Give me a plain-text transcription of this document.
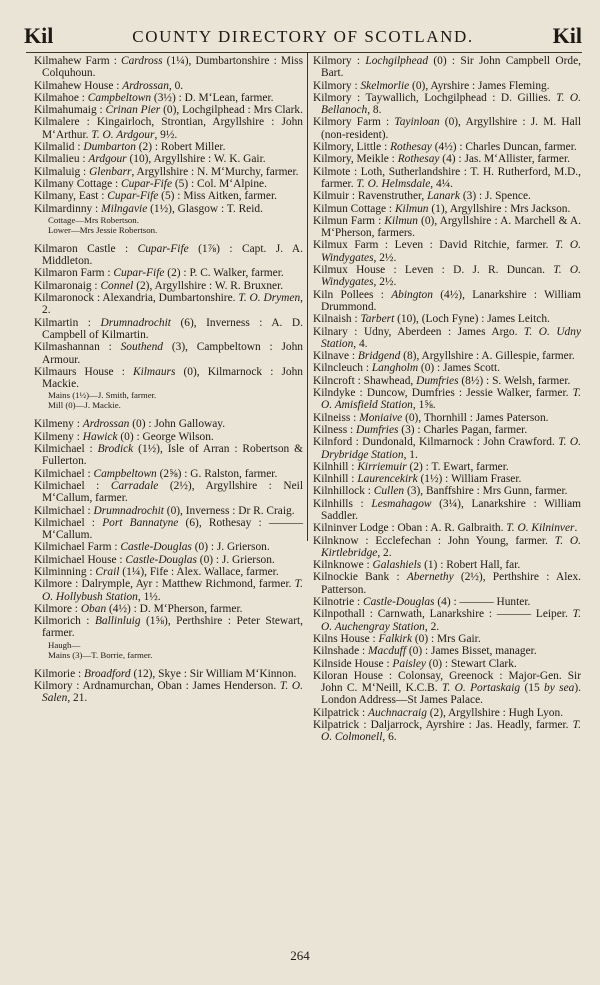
Kil	COUNTY DIRECTORY OF SCOTLAND.	Kil

Kilmahew Farm : Cardross (1¼), Dumbartonshire : Miss Colquhoun.

Kilmahew House : Ardrossan, 0.

Kilmahoe : Campbeltown (3½) : D. M‘Lean, farmer.

Kilmahumaig : Crinan Pier (0), Lochgilphead : Mrs Clark.

Kilmalere : Kingairloch, Strontian, Argyllshire : John M‘Arthur. T. O. Ardgour, 9½.

Kilmalid : Dumbarton (2) : Robert Miller.

Kilmalieu : Ardgour (10), Argyllshire : W. K. Gair.

Kilmaluig : Glenbarr, Argyllshire : N. M‘Murchy, farmer.

Kilmany Cottage : Cupar-Fife (5) : Col. M‘Alpine.

Kilmany, East : Cupar-Fife (5) : Miss Aitken, farmer.

Kilmardinny : Milngavie (1½), Glasgow : T. Reid.

Cottage—Mrs Robertson.

Lower—Mrs Jessie Robertson.

Kilmaron Castle : Cupar-Fife (1⅞) : Capt. J. A. Middleton.

Kilmaron Farm : Cupar-Fife (2) : P. C. Walker, farmer.

Kilmaronaig : Connel (2), Argyllshire : W. R. Bruxner.

Kilmaronock : Alexandria, Dumbartonshire. T. O. Drymen, 2.

Kilmartin : Drumnadrochit (6), Inverness : A. D. Campbell of Kilmartin.

Kilmashannan : Southend (3), Campbeltown : John Armour.

Kilmaurs House : Kilmaurs (0), Kilmarnock : John Mackie.

Mains (1½)—J. Smith, farmer.

Mill (0)—J. Mackie.

Kilmeny : Ardrossan (0) : John Galloway.

Kilmeny : Hawick (0) : George Wilson.

Kilmichael : Brodick (1½), Isle of Arran : Robertson & Fullerton.

Kilmichael : Campbeltown (2⅝) : G. Ralston, farmer.

Kilmichael : Carradale (2½), Argyllshire : Neil M‘Callum, farmer.

Kilmichael : Drumnadrochit (0), Inverness : Dr R. Craig.

Kilmichael : Port Bannatyne (6), Rothesay : ——— M‘Callum.

Kilmichael Farm : Castle-Douglas (0) : J. Grierson.

Kilmichael House : Castle-Douglas (0) : J. Grierson.

Kilminning : Crail (1¼), Fife : Alex. Wallace, farmer.

Kilmore : Dalrymple, Ayr : Matthew Richmond, farmer. T. O. Hollybush Station, 1½.

Kilmore : Oban (4½) : D. M‘Pherson, farmer.

Kilmorich : Ballinluig (1⅝), Perthshire : Peter Stewart, farmer.

Haugh—

Mains (3)—T. Borrie, farmer.

Kilmorie : Broadford (12), Skye : Sir William M‘Kinnon.

Kilmory : Ardnamurchan, Oban : James Henderson. T. O. Salen, 21.

Kilmory : Lochgilphead (0) : Sir John Campbell Orde, Bart.

Kilmory : Skelmorlie (0), Ayrshire : James Fleming.

Kilmory : Taywallich, Lochgilphead : D. Gillies. T. O. Bellanoch, 8.

Kilmory Farm : Tayinloan (0), Argyllshire : J. M. Hall (non-resident).

Kilmory, Little : Rothesay (4½) : Charles Duncan, farmer.

Kilmory, Meikle : Rothesay (4) : Jas. M‘Allister, farmer.

Kilmote : Loth, Sutherlandshire : T. H. Rutherford, M.D., farmer. T. O. Helmsdale, 4¼.

Kilmuir : Ravenstruther, Lanark (3) : J. Spence.

Kilmun Cottage : Kilmun (1), Argyllshire : Mrs Jackson.

Kilmun Farm : Kilmun (0), Argyllshire : A. Marchell & A. M‘Pherson, farmers.

Kilmux Farm : Leven : David Ritchie, farmer. T. O. Windygates, 2½.

Kilmux House : Leven : D. J. R. Duncan. T. O. Windygates, 2½.

Kiln Pollees : Abington (4½), Lanarkshire : William Drummond.

Kilnaish : Tarbert (10), (Loch Fyne) : James Leitch.

Kilnary : Udny, Aberdeen : James Argo. T. O. Udny Station, 4.

Kilnave : Bridgend (8), Argyllshire : A. Gillespie, farmer.

Kilncleuch : Langholm (0) : James Scott.

Kilncroft : Shawhead, Dumfries (8½) : S. Welsh, farmer.

Kilndyke : Duncow, Dumfries : Jessie Walker, farmer. T. O. Amisfield Station, 1⅝.

Kilneiss : Moniaive (0), Thornhill : James Paterson.

Kilness : Dumfries (3) : Charles Pagan, farmer.

Kilnford : Dundonald, Kilmarnock : John Crawford. T. O. Drybridge Station, 1.

Kilnhill : Kirriemuir (2) : T. Ewart, farmer.

Kilnhill : Laurencekirk (1½) : William Fraser.

Kilnhillock : Cullen (3), Banffshire : Mrs Gunn, farmer.

Kilnhills : Lesmahagow (3¼), Lanarkshire : William Saddler.

Kilninver Lodge : Oban : A. R. Galbraith. T. O. Kilninver.

Kilnknow : Ecclefechan : John Young, farmer. T. O. Kirtlebridge, 2.

Kilnknowe : Galashiels (1) : Robert Hall, far.

Kilnockie Bank : Abernethy (2½), Perthshire : Alex. Patterson.

Kilnotrie : Castle-Douglas (4) : ——— Hunter.

Kilnpothall : Carnwath, Lanarkshire : ——— Leiper. T. O. Auchengray Station, 2.

Kilns House : Falkirk (0) : Mrs Gair.

Kilnshade : Macduff (0) : James Bisset, manager.

Kilnside House : Paisley (0) : Stewart Clark.

Kiloran House : Colonsay, Greenock : Major-Gen. Sir John C. M‘Neill, K.C.B. T. O. Portaskaig (15 by sea). London Address—St James Palace.

Kilpatrick : Auchnacraig (2), Argyllshire : Hugh Lyon.

Kilpatrick : Daljarrock, Ayrshire : Jas. Headly, farmer. T. O. Colmonell, 6.

264
